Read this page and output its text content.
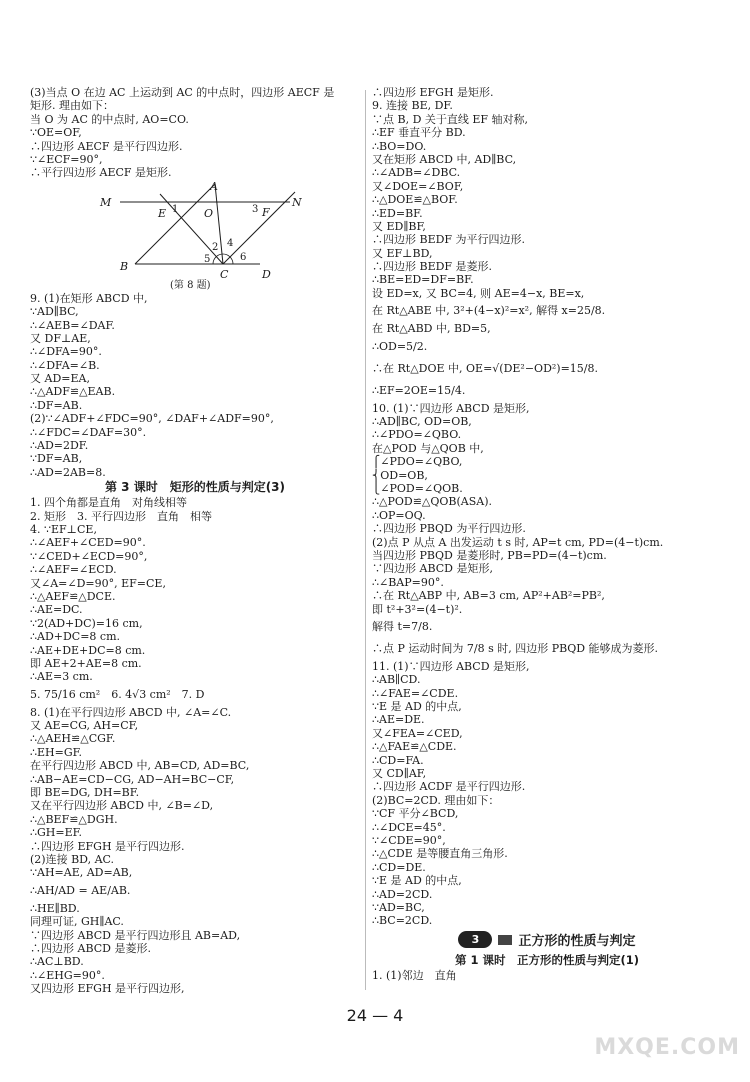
(3)当点 O 在边 AC 上运动到 AC 的中点时，四边形 AECF 是
矩形. 理由如下：
当 O 为 AC 的中点时, AO=CO.
∵OE=OF,
∴四边形 AECF 是平行四边形.
∵∠ECF=90°,
∴平行四边形 AECF 是矩形.
A
M	N
E	O	F
B
C	D
1
2
3
4
5	6
(第 8 题)
9. (1)在矩形 ABCD 中,
∵AD∥BC,
∴∠AEB=∠DAF.
又 DF⊥AE,
∴∠DFA=90°.
∴∠DFA=∠B.
又 AD=EA,
∴△ADF≌△EAB.
∴DF=AB.
(2)∵∠ADF+∠FDC=90°, ∠DAF+∠ADF=90°,
∴∠FDC=∠DAF=30°.
∴AD=2DF.
∵DF=AB,
∴AD=2AB=8.
第 3 课时　矩形的性质与判定(3)
1. 四个角都是直角　对角线相等
2. 矩形　3. 平行四边形　直角　相等
4. ∵EF⊥CE,
∴∠AEF+∠CED=90°.
∵∠CED+∠ECD=90°,
∴∠AEF=∠ECD.
又∠A=∠D=90°, EF=CE,
∴△AEF≌△DCE.
∴AE=DC.
∵2(AD+DC)=16 cm,
∴AD+DC=8 cm.
∴AE+DE+DC=8 cm.
即 AE+2+AE=8 cm.
∴AE=3 cm.
5. 75/16 cm²　6. 4√3 cm²　7. D
8. (1)在平行四边形 ABCD 中, ∠A=∠C.
又 AE=CG, AH=CF,
∴△AEH≌△CGF.
∴EH=GF.
在平行四边形 ABCD 中, AB=CD, AD=BC,
∴AB−AE=CD−CG, AD−AH=BC−CF,
即 BE=DG, DH=BF.
又在平行四边形 ABCD 中, ∠B=∠D,
∴△BEF≌△DGH.
∴GH=EF.
∴四边形 EFGH 是平行四边形.
(2)连接 BD, AC.
∵AH=AE, AD=AB,
∴AH/AD = AE/AB.
∴HE∥BD.
同理可证, GH∥AC.
∵四边形 ABCD 是平行四边形且 AB=AD,
∴四边形 ABCD 是菱形.
∴AC⊥BD.
∴∠EHG=90°.
又四边形 EFGH 是平行四边形,
∴四边形 EFGH 是矩形.
9. 连接 BE, DF.
∵点 B, D 关于直线 EF 轴对称,
∴EF 垂直平分 BD.
∴BO=DO.
又在矩形 ABCD 中, AD∥BC,
∴∠ADB=∠DBC.
又∠DOE=∠BOF,
∴△DOE≌△BOF.
∴ED=BF.
又 ED∥BF,
∴四边形 BEDF 为平行四边形.
又 EF⊥BD,
∴四边形 BEDF 是菱形.
∴BE=ED=DF=BF.
设 ED=x, 又 BC=4, 则 AE=4−x, BE=x,
在 Rt△ABE 中, 3²+(4−x)²=x², 解得 x=25/8.
在 Rt△ABD 中, BD=5,
∴OD=5/2.
∴在 Rt△DOE 中, OE=√(DE²−OD²)=15/8.
∴EF=2OE=15/4.
10. (1)∵四边形 ABCD 是矩形,
∴AD∥BC, OD=OB,
∴∠PDO=∠QBO.
在△POD 与△QOB 中,
⎧∠PDO=∠QBO,
⎨OD=OB,
⎩∠POD=∠QOB.
∴△POD≌△QOB(ASA).
∴OP=OQ.
∴四边形 PBQD 为平行四边形.
(2)点 P 从点 A 出发运动 t s 时, AP=t cm, PD=(4−t)cm.
当四边形 PBQD 是菱形时, PB=PD=(4−t)cm.
∵四边形 ABCD 是矩形,
∴∠BAP=90°.
∴在 Rt△ABP 中, AB=3 cm, AP²+AB²=PB²,
即 t²+3²=(4−t)².
解得 t=7/8.
∴点 P 运动时间为 7/8 s 时, 四边形 PBQD 能够成为菱形.
11. (1)∵四边形 ABCD 是矩形,
∴AB∥CD.
∴∠FAE=∠CDE.
∵E 是 AD 的中点,
∴AE=DE.
又∠FEA=∠CED,
∴△FAE≌△CDE.
∴CD=FA.
又 CD∥AF,
∴四边形 ACDF 是平行四边形.
(2)BC=2CD. 理由如下：
∵CF 平分∠BCD,
∴∠DCE=45°.
∵∠CDE=90°,
∴△CDE 是等腰直角三角形.
∴CD=DE.
∵E 是 AD 的中点,
∴AD=2CD.
∵AD=BC,
∴BC=2CD.
3	正方形的性质与判定
第 1 课时　正方形的性质与判定(1)
1. (1)邻边　直角
24 — 4
MXQE.COM
